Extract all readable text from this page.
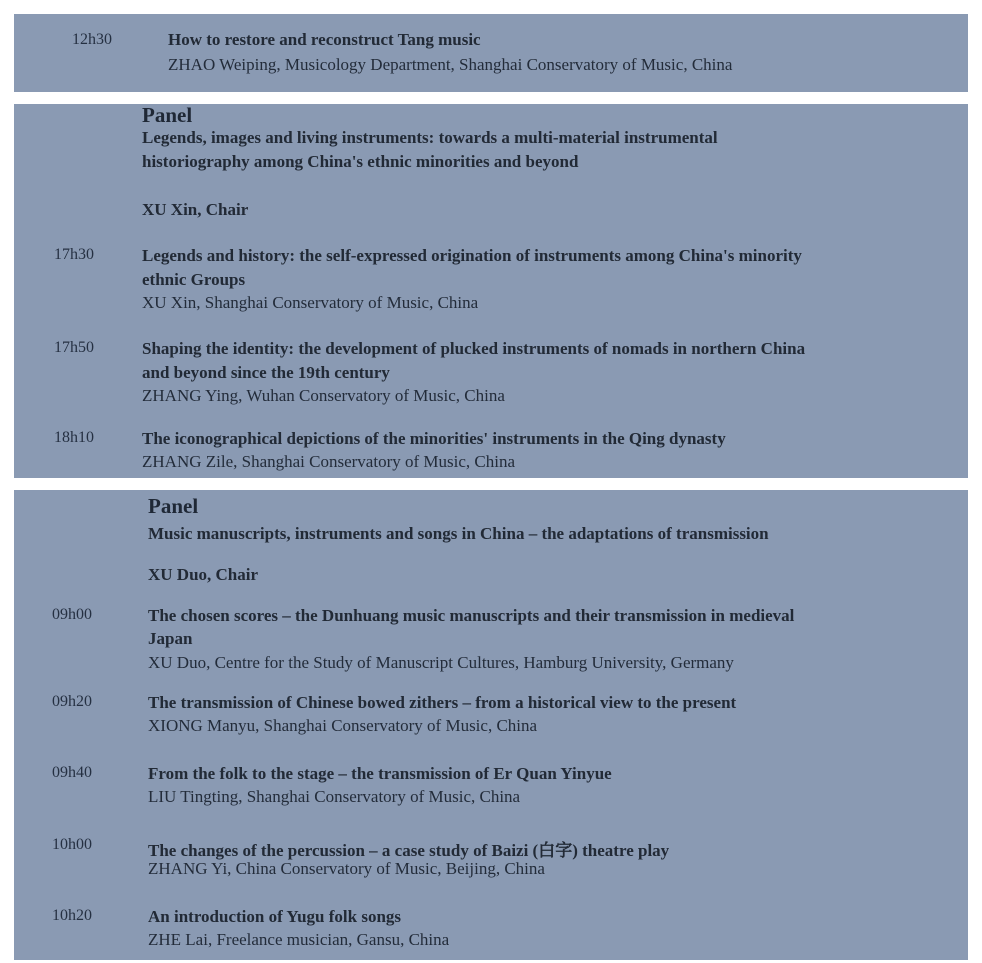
12h30	How to restore and reconstruct Tang music
ZHAO Weiping, Musicology Department, Shanghai Conservatory of Music, China
Panel
Legends, images and living instruments: towards a multi-material instrumental
historiography among China's ethnic minorities and beyond
XU Xin, Chair
17h30	Legends and history: the self-expressed origination of instruments among China's minority
ethnic Groups
XU Xin, Shanghai Conservatory of Music, China
17h50	Shaping the identity: the development of plucked instruments of nomads in northern China
and beyond since the 19th century
ZHANG Ying, Wuhan Conservatory of Music, China
18h10	The iconographical depictions of the minorities' instruments in the Qing dynasty
ZHANG Zile, Shanghai Conservatory of Music, China
Panel
Music manuscripts, instruments and songs in China – the adaptations of transmission
XU Duo, Chair
09h00	The chosen scores – the Dunhuang music manuscripts and their transmission in medieval
Japan
XU Duo, Centre for the Study of Manuscript Cultures, Hamburg University, Germany
09h20	The transmission of Chinese bowed zithers – from a historical view to the present
XIONG Manyu, Shanghai Conservatory of Music, China
09h40	From the folk to the stage – the transmission of Er Quan Yinyue
LIU Tingting, Shanghai Conservatory of Music, China
10h00	The changes of the percussion – a case study of Baizi (白字) theatre play
ZHANG Yi, China Conservatory of Music, Beijing, China
10h20	An introduction of Yugu folk songs
ZHE Lai, Freelance musician, Gansu, China
